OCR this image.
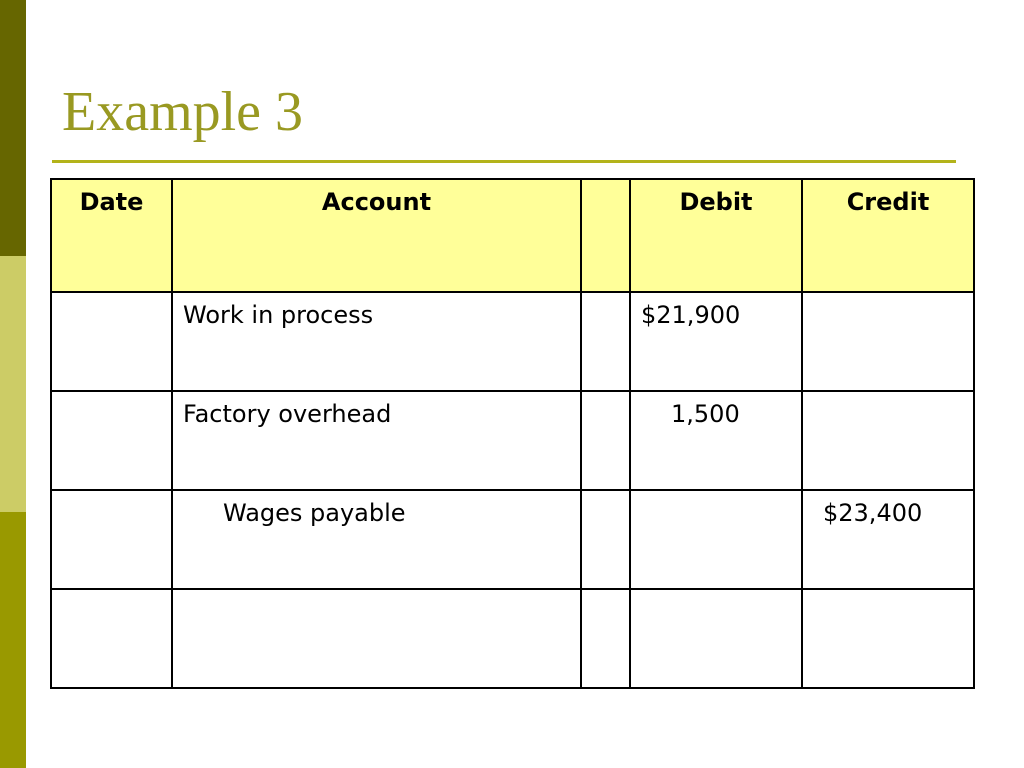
Example 3
Date	Account		Debit	Credit
	Work in process		$21,900	
	Factory overhead		1,500	
	Wages payable			$23,400
